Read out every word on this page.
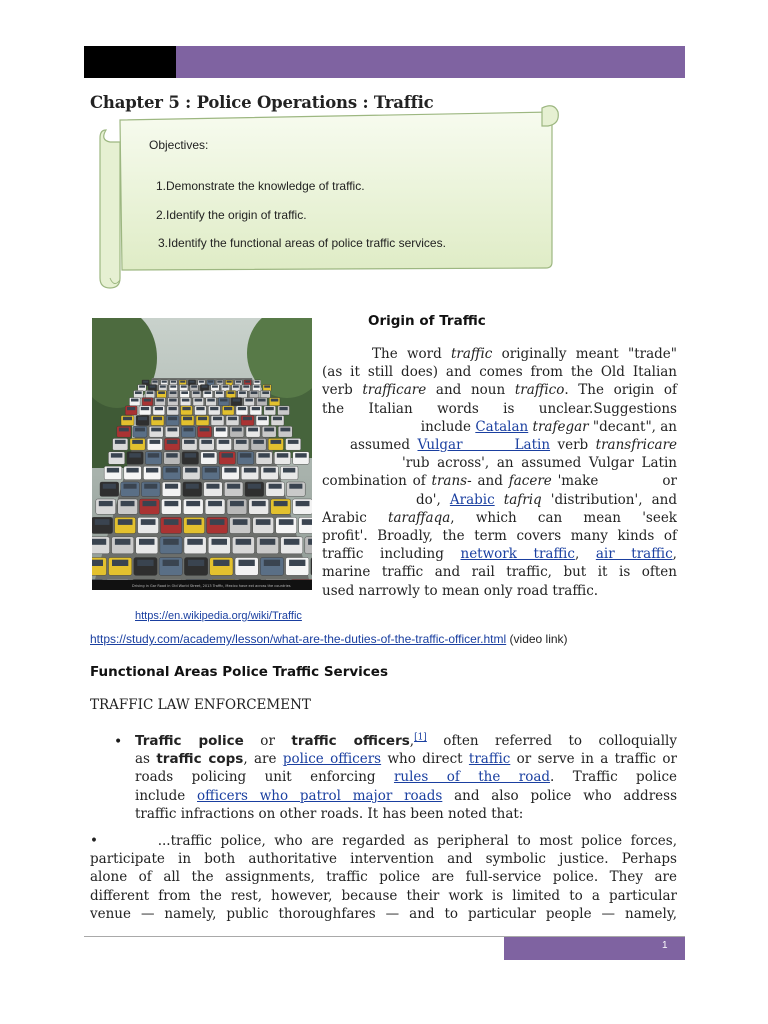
Chapter 5 : Police Operations : Traffic
Objectives:
1.Demonstrate the knowledge of traffic.
2.Identify the origin of traffic.
3.Identify the functional areas of police traffic services.
Driving in Gar Road in Old World Street, 2013 Traffic, Mexico have ext across the countries
Origin of Traffic
The word traffic originally meant "trade"
(as it still does) and comes from the Old Italian
verb trafficare and noun traffico. The origin of
the Italian words is unclear.Suggestions
include Catalan trafegar "decant", an
assumed Vulgar       Latin verb transfricare
'rub across', an assumed Vulgar Latin
combination of trans- and facere 'make           or
do', Arabic tafriq 'distribution', and
Arabic taraffaqa, which can mean 'seek
profit'. Broadly, the term covers many kinds of
traffic including network traffic, air traffic,
marine traffic and rail traffic, but it is often
used narrowly to mean only road traffic.
https://en.wikipedia.org/wiki/Traffic
https://study.com/academy/lesson/what-are-the-duties-of-the-traffic-officer.html (video link)
Functional Areas Police Traffic Services
TRAFFIC LAW ENFORCEMENT
• Traffic police or traffic officers,[1] often referred to colloquially
as traffic cops, are police officers who direct traffic or serve in a traffic or
roads policing unit enforcing rules of the road. Traffic police
include officers who patrol major roads and also police who address
traffic infractions on other roads. It has been noted that:
•       ...traffic police, who are regarded as peripheral to most police forces,
participate in both authoritative intervention and symbolic justice. Perhaps
alone of all the assignments, traffic police are full-service police. They are
different from the rest, however, because their work is limited to a particular
venue — namely, public thoroughfares — and to particular people — namely,
1
